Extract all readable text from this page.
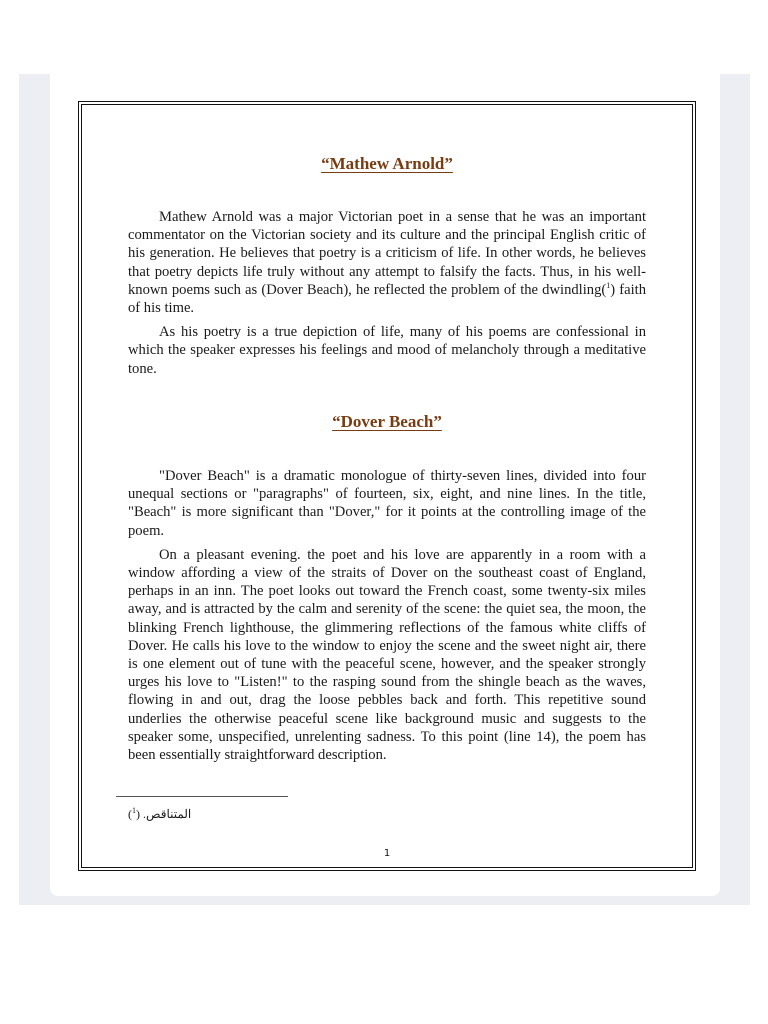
“Mathew Arnold”

Mathew Arnold was a major Victorian poet in a sense that he was an important commentator on the Victorian society and its culture and the principal English critic of his generation. He believes that poetry is a criticism of life. In other words, he believes that poetry depicts life truly without any attempt to falsify the facts. Thus, in his well-known poems such as (Dover Beach), he reflected the problem of the dwindling($^1$) faith of his time.

As his poetry is a true depiction of life, many of his poems are confessional in which the speaker expresses his feelings and mood of melancholy through a meditative tone.

“Dover Beach”

"Dover Beach" is a dramatic monologue of thirty-seven lines, divided into four unequal sections or "paragraphs" of fourteen, six, eight, and nine lines. In the title, "Beach" is more significant than "Dover," for it points at the controlling image of the poem.

On a pleasant evening. the poet and his love are apparently in a room with a window affording a view of the straits of Dover on the southeast coast of England, perhaps in an inn. The poet looks out toward the French coast, some twenty-six miles away, and is attracted by the calm and serenity of the scene: the quiet sea, the moon, the blinking French lighthouse, the glimmering reflections of the famous white cliffs of Dover. He calls his love to the window to enjoy the scene and the sweet night air, there is one element out of tune with the peaceful scene, however, and the speaker strongly urges his love to "Listen!" to the rasping sound from the shingle beach as the waves, flowing in and out, drag the loose pebbles back and forth. This repetitive sound underlies the otherwise peaceful scene like background music and suggests to the speaker some, unspecified, unrelenting sadness. To this point (line 14), the poem has been essentially straightforward description.

($^1$) المتناقص.
1
